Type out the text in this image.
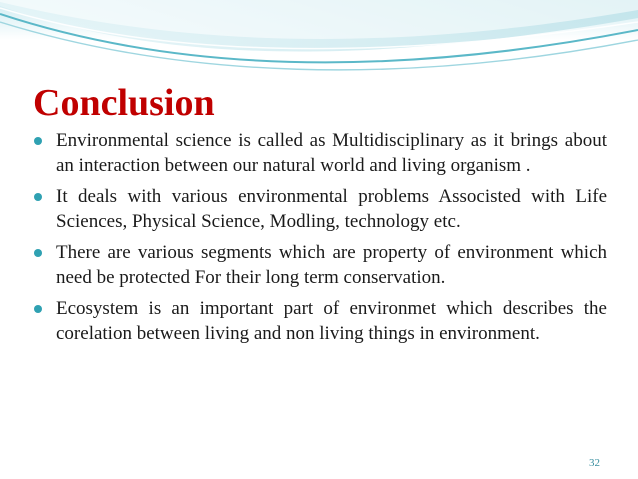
Conclusion
Environmental science is called as Multidisciplinary as it brings about an interaction between our natural world and living organism .
It deals with various environmental problems Associsted with Life Sciences, Physical Science, Modling, technology etc.
There are various segments which are property of environment which need be protected For their long term conservation.
Ecosystem is an important part of environmet which describes the corelation between living and non living things in environment.
32
